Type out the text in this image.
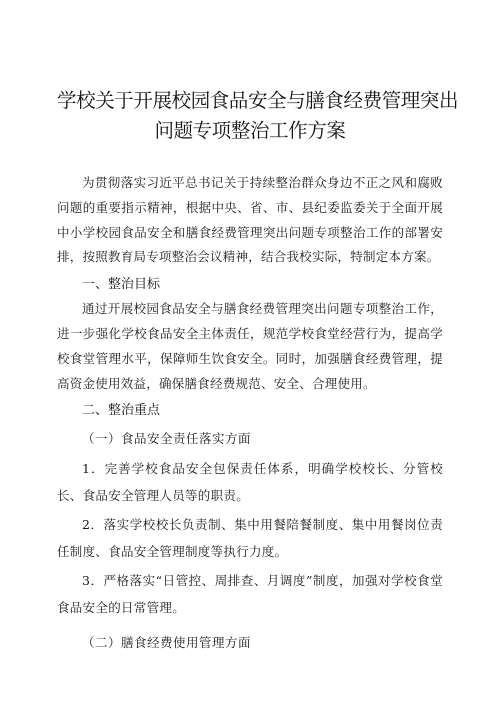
学校关于开展校园食品安全与膳食经费管理突出
问题专项整治工作方案

为贯彻落实习近平总书记关于持续整治群众身边不正之风和腐败问题的重要指示精神，根据中央、省、市、县纪委监委关于全面开展中小学校园食品安全和膳食经费管理突出问题专项整治工作的部署安排，按照教育局专项整治会议精神，结合我校实际，特制定本方案。

一、整治目标

通过开展校园食品安全与膳食经费管理突出问题专项整治工作，进一步强化学校食品安全主体责任，规范学校食堂经营行为，提高学校食堂管理水平，保障师生饮食安全。同时，加强膳食经费管理，提高资金使用效益，确保膳食经费规范、安全、合理使用。

二、整治重点

（一）食品安全责任落实方面

1．完善学校食品安全包保责任体系，明确学校校长、分管校长、食品安全管理人员等的职责。

2．落实学校校长负责制、集中用餐陪餐制度、集中用餐岗位责任制度、食品安全管理制度等执行力度。

3．严格落实“日管控、周排查、月调度”制度，加强对学校食堂食品安全的日常管理。

（二）膳食经费使用管理方面
